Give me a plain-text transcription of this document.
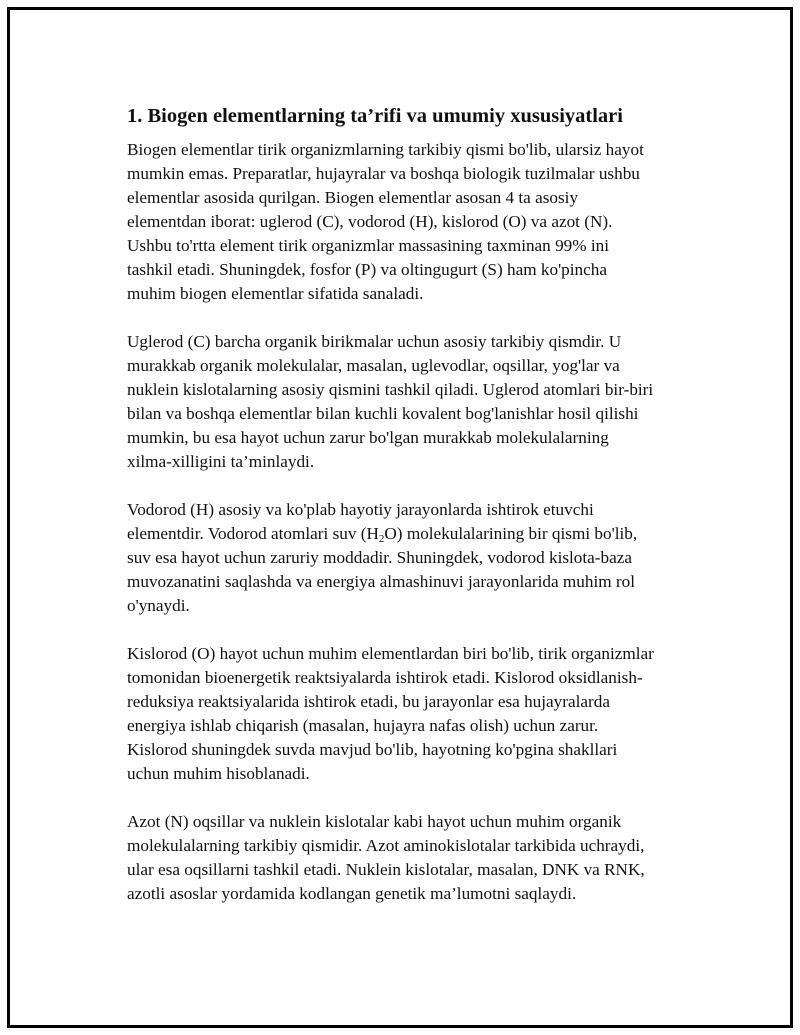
1. Biogen elementlarning ta’rifi va umumiy xususiyatlari
Biogen elementlar tirik organizmlarning tarkibiy qismi bo'lib, ularsiz hayot
mumkin emas. Preparatlar, hujayralar va boshqa biologik tuzilmalar ushbu
elementlar asosida qurilgan. Biogen elementlar asosan 4 ta asosiy
elementdan iborat: uglerod (C), vodorod (H), kislorod (O) va azot (N).
Ushbu to'rtta element tirik organizmlar massasining taxminan 99% ini
tashkil etadi. Shuningdek, fosfor (P) va oltingugurt (S) ham ko'pincha
muhim biogen elementlar sifatida sanaladi.
Uglerod (C) barcha organik birikmalar uchun asosiy tarkibiy qismdir. U
murakkab organik molekulalar, masalan, uglevodlar, oqsillar, yog'lar va
nuklein kislotalarning asosiy qismini tashkil qiladi. Uglerod atomlari bir-biri
bilan va boshqa elementlar bilan kuchli kovalent bog'lanishlar hosil qilishi
mumkin, bu esa hayot uchun zarur bo'lgan murakkab molekulalarning
xilma-xilligini ta’minlaydi.
Vodorod (H) asosiy va ko'plab hayotiy jarayonlarda ishtirok etuvchi
elementdir. Vodorod atomlari suv $(H_2O)$ molekulalarining bir qismi bo'lib,
suv esa hayot uchun zaruriy moddadir. Shuningdek, vodorod kislota-baza
muvozanatini saqlashda va energiya almashinuvi jarayonlarida muhim rol
o'ynaydi.
Kislorod (O) hayot uchun muhim elementlardan biri bo'lib, tirik organizmlar
tomonidan bioenergetik reaktsiyalarda ishtirok etadi. Kislorod oksidlanish-
reduksiya reaktsiyalarida ishtirok etadi, bu jarayonlar esa hujayralarda
energiya ishlab chiqarish (masalan, hujayra nafas olish) uchun zarur.
Kislorod shuningdek suvda mavjud bo'lib, hayotning ko'pgina shakllari
uchun muhim hisoblanadi.
Azot (N) oqsillar va nuklein kislotalar kabi hayot uchun muhim organik
molekulalarning tarkibiy qismidir. Azot aminokislotalar tarkibida uchraydi,
ular esa oqsillarni tashkil etadi. Nuklein kislotalar, masalan, DNK va RNK,
azotli asoslar yordamida kodlangan genetik ma’lumotni saqlaydi.
